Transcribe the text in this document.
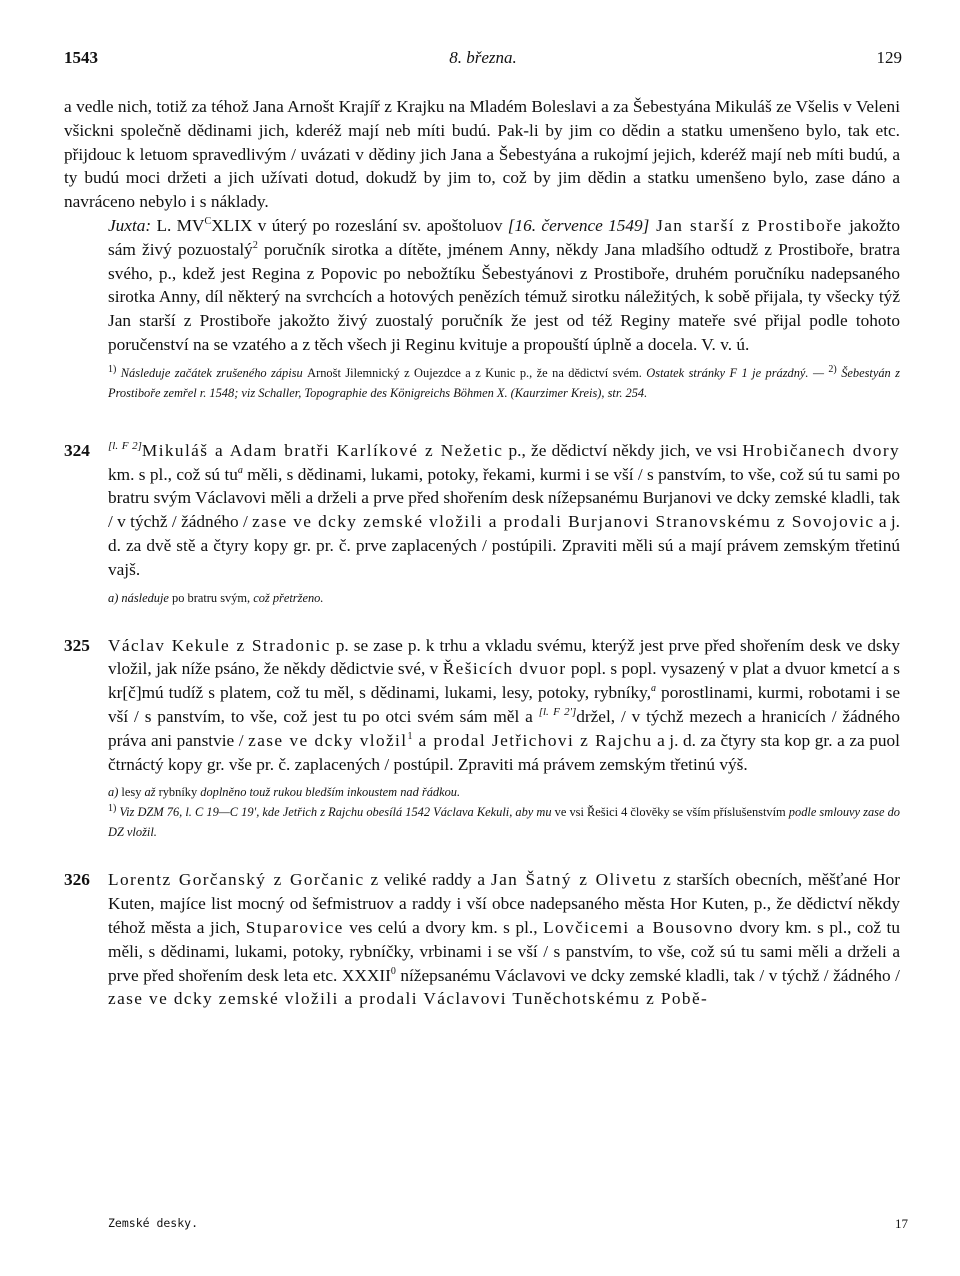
1543	8. března.	129

a vedle nich, totiž za téhož Jana Arnošt Krajíř z Krajku na Mladém Boleslavi a za Šebestyána Mikuláš ze Všelis v Veleni všickni společně dědinami jich, kderéž mají neb míti budú. Pak-li by jim co dědin a statku umenšeno bylo, tak etc. přijdouc k letuom spravedlivým / uvázati v dědiny jich Jana a Šebestyána a rukojmí jejich, kderéž mají neb míti budú, a ty budú moci držeti a jich užívati dotud, dokudž by jim to, což by jim dědin a statku umenšeno bylo, zase dáno a navráceno nebylo i s náklady.

Juxta: L. $MV^CXLIX$ v úterý po rozeslání sv. apoštoluov [16. července 1549] Jan starší z Prostiboře jakožto sám živý pozuostalý$^2$ poručník sirotka a dítěte, jménem Anny, někdy Jana mladšího odtudž z Prostiboře, bratra svého, p., kdež jest Regina z Popovic po nebožtíku Šebestyánovi z Prostiboře, druhém poručníku nadepsaného sirotka Anny, díl některý na svrchcích a hotových penězích témuž sirotku náležitých, k sobě přijala, ty všecky týž Jan starší z Prostiboře jakožto živý zuostalý poručník že jest od též Reginy mateře své přijal podle tohoto poručenství na se vzatého a z těch všech ji Reginu kvituje a propouští úplně a docela. V. v. ú.

$^{1)}$ Následuje začátek zrušeného zápisu Arnošt Jilemnický z Oujezdce a z Kunic p., že na dědictví svém. Ostatek stránky F 1 je prázdný. — $^{2)}$ Šebestyán z Prostiboře zemřel r. 1548; viz Schaller, Topographie des Königreichs Böhmen X. (Kaurzimer Kreis), str. 254.

324 [l. F 2]Mikuláš a Adam bratři Karlíkové z Nežetic p., že dědictví někdy jich, ve vsi Hrobičanech dvory km. s pl., což sú $tu^a$ měli, s dědinami, lukami, potoky, řekami, kurmi i se vší / s panstvím, to vše, což sú tu sami po bratru svým Václavovi měli a drželi a prve před shořením desk nížepsanému Burjanovi ve dcky zemské kladli, tak / v týchž / žádného / zase ve dcky zemské vložili a prodali Burjanovi Stranovskému z Sovojovic a j. d. za dvě stě a čtyry kopy gr. pr. č. prve zaplacených / postúpili. Zpraviti měli sú a mají právem zemským třetinú vajš.

a) následuje po bratru svým, což přetrženo.

325 Václav Kekule z Stradonic p. se zase p. k trhu a vkladu svému, kterýž jest prve před shořením desk ve dsky vložil, jak níže psáno, že někdy dědictvie své, v Řešicích dvuor popl. s popl. vysazený v plat a dvuor kmetcí a s kr[č]mú tudíž s platem, což tu měl, s dědinami, lukami, lesy, potoky, rybníky,$^a$ porostlinami, kurmi, robotami i se vší / s panstvím, to vše, což jest tu po otci svém sám měl a [l. F 2']držel, / v týchž mezech a hranicích / žádného práva ani panstvie / zase ve dcky vložil$^1$ a prodal Jetřichovi z Rajchu a j. d. za čtyry sta kop gr. a za puol čtrnáctý kopy gr. vše pr. č. zaplacených / postúpil. Zpraviti má právem zemským třetinú výš.

a) lesy až rybníky doplněno touž rukou bledším inkoustem nad řádkou.

$^{1)}$ Viz DZM 76, l. C 19—C 19', kde Jetřich z Rajchu obesílá 1542 Václava Kekuli, aby mu ve vsi Řešici 4 člověky se vším příslušenstvím podle smlouvy zase do DZ vložil.

326 Lorentz Gorčanský z Gorčanic z veliké raddy a Jan Šatný z Olivetu z starších obecních, měšťané Hor Kuten, majíce list mocný od šefmistruov a raddy i vší obce nadepsaného města Hor Kuten, p., že dědictví někdy téhož města a jich, Stuparovice ves celú a dvory km. s pl., Lovčicemi a Bousovno dvory km. s pl., což tu měli, s dědinami, lukami, potoky, rybníčky, vrbinami i se vší / s panstvím, to vše, což sú tu sami měli a drželi a prve před shořením desk leta etc. XXXII$^0$ nížepsanému Václavovi ve dcky zemské kladli, tak / v týchž / žádného / zase ve dcky zemské vložili a prodali Václavovi Tuněchotskému z Pobě-

Zemské desky.	17
